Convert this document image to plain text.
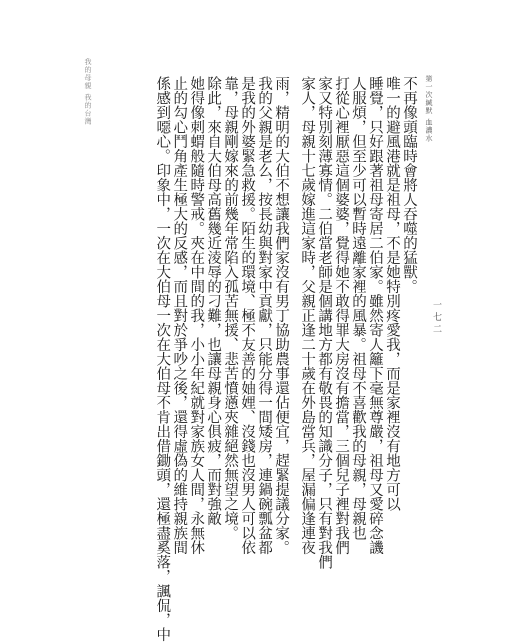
我的母親 我的台灣	第一次緘默 血濃水
不再像頭臨時會將人吞噬的猛獸。
唯一的避風港就是祖母，不是她特別疼愛我，而是家裡沒有地方可以
睡覺，只好跟著祖母寄居二伯家。雖然寄人籬下毫無尊嚴，祖母又愛碎念譏
人服煩，但至少可以暫時遠離家裡的風暴。祖母不喜歡我的母親，母親也
打從心裡厭惡這個婆婆，覺得她不敢得罪大房沒有擔當，三個兒子裡對我們
家又特別刻薄寡情。二伯當老師是個講地方都有敬畏的知識分子，只有對我們
家人，母親十七歲嫁進這家時，父親正逢二十歲在外島當兵，屋漏偏逢連夜
雨，精明的大伯不想讓我們家沒有男丁協助農事還佔便宜，趕緊提議分家。
我的父親是老么，按長幼與對家中貢獻，只能分得一間矮房，連鍋碗瓢盆都
是我的外婆緊急救援。陌生的環境、極不友善的妯娌、沒錢也沒男人可以依
靠，母親剛嫁來的前幾年常陷入孤苦無援、悲苦憤懣夾雜絕然無望之境。
除此，來自大伯母高舊幾近淩辱的刁難，也讓母親身心俱疲，而對強敵
她得像刺蝟般隨時警戒。夾在中間的我，小小年紀就對家族女人間，永無休
止的勾心鬥角產生極大的反感，而且對於爭吵之後，還得虛偽的維持親族間
係感到噁心。印象中，一次在大伯母一次在大伯母不肯出借鋤頭，還極盡奚落，諷侃，中	一七二
